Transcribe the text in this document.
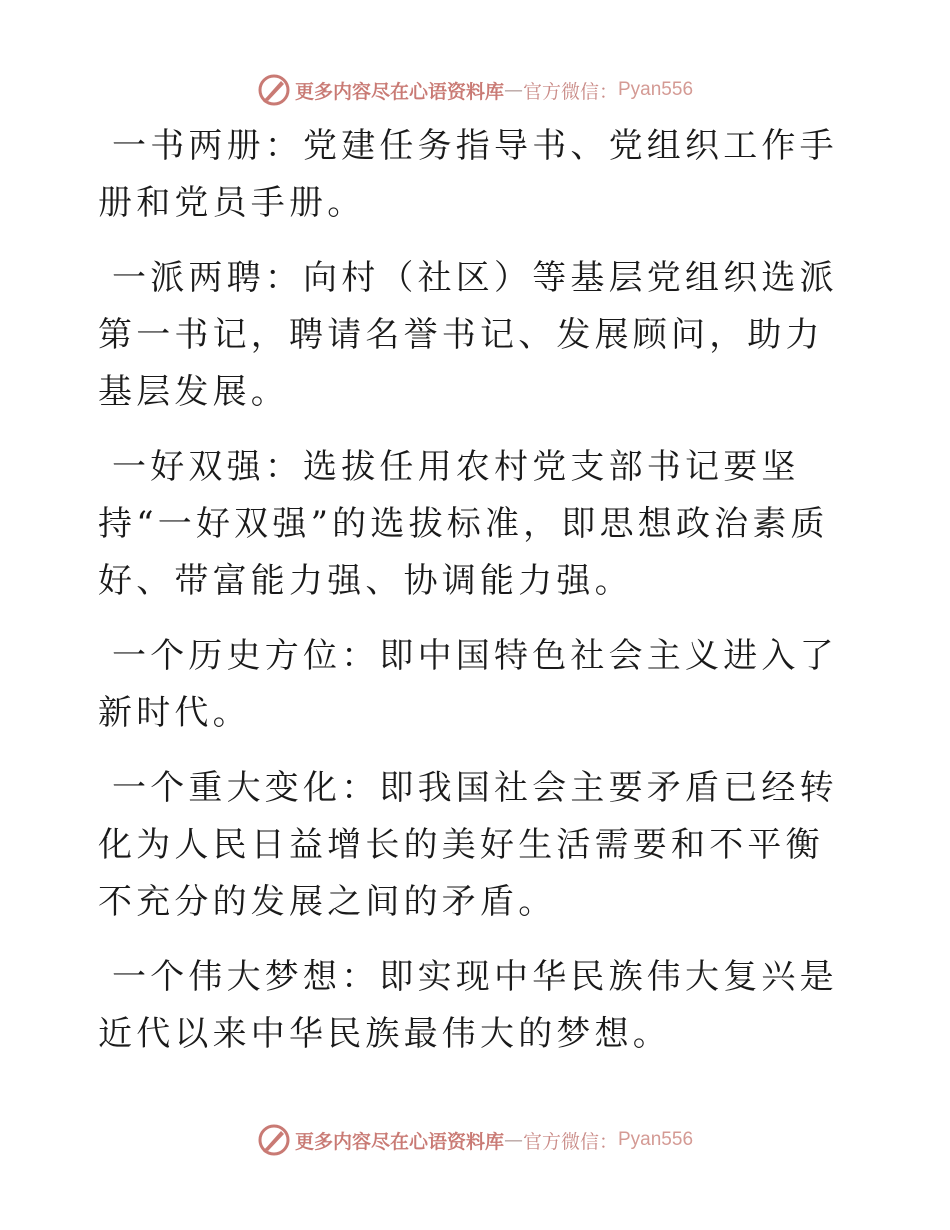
更多内容尽在心语资料库 — 官方微信： Pyan556

一书两册：党建任务指导书、党组织工作手册和党员手册。

一派两聘：向村（社区）等基层党组织选派第一书记，聘请名誉书记、发展顾问，助力基层发展。

一好双强：选拔任用农村党支部书记要坚持“一好双强”的选拔标准，即思想政治素质好、带富能力强、协调能力强。

一个历史方位：即中国特色社会主义进入了新时代。

一个重大变化：即我国社会主要矛盾已经转化为人民日益增长的美好生活需要和不平衡不充分的发展之间的矛盾。

一个伟大梦想：即实现中华民族伟大复兴是近代以来中华民族最伟大的梦想。

更多内容尽在心语资料库 — 官方微信： Pyan556
